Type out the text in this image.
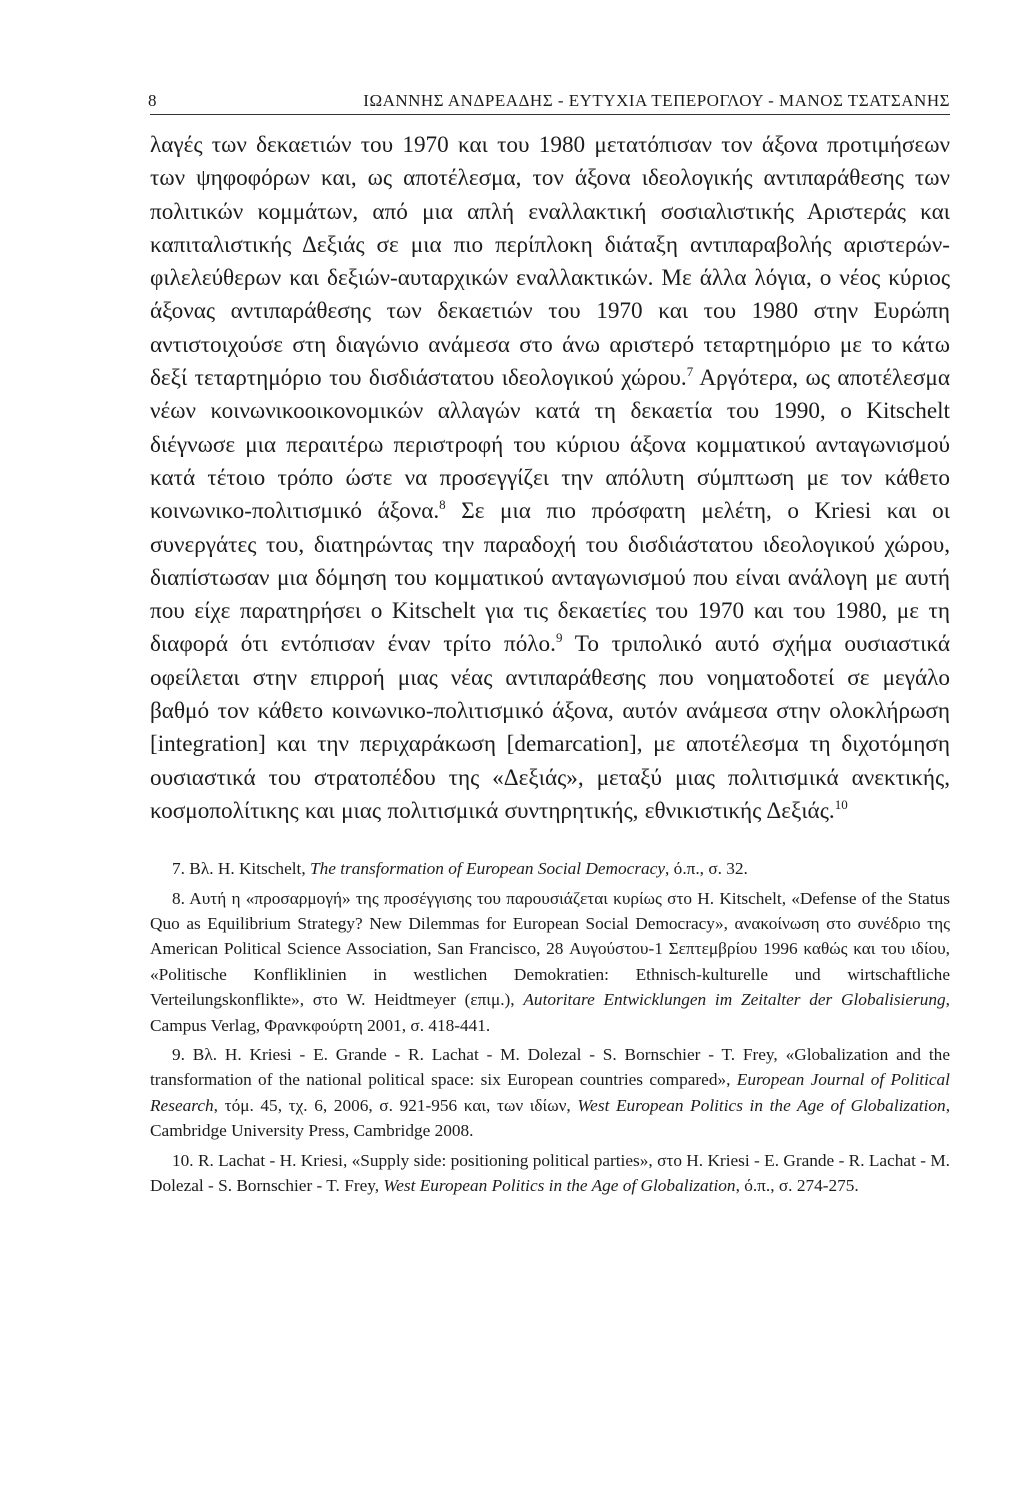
8	ΙΩΑΝΝΗΣ ΑΝΔΡΕΑΔΗΣ - ΕΥΤΥΧΙΑ ΤΕΠΕΡΟΓΛΟΥ - ΜΑΝΟΣ ΤΣΑΤΣΑΝΗΣ

λαγές των δεκαετιών του 1970 και του 1980 μετατόπισαν τον άξονα προτιμήσεων των ψηφοφόρων και, ως αποτέλεσμα, τον άξονα ιδεολογικής αντιπαράθεσης των πολιτικών κομμάτων, από μια απλή εναλλακτική σοσιαλιστικής Αριστεράς και καπιταλιστικής Δεξιάς σε μια πιο περίπλοκη διάταξη αντιπαραβολής αριστερών-φιλελεύθερων και δεξιών-αυταρχικών εναλλακτικών. Με άλλα λόγια, ο νέος κύριος άξονας αντιπαράθεσης των δεκαετιών του 1970 και του 1980 στην Ευρώπη αντιστοιχούσε στη διαγώνιο ανάμεσα στο άνω αριστερό τεταρτημόριο με το κάτω δεξί τεταρτημόριο του δισδιάστατου ιδεολογικού χώρου.$^7$ Αργότερα, ως αποτέλεσμα νέων κοινωνικοοικονομικών αλλαγών κατά τη δεκαετία του 1990, ο Kitschelt διέγνωσε μια περαιτέρω περιστροφή του κύριου άξονα κομματικού ανταγωνισμού κατά τέτοιο τρόπο ώστε να προσεγγίζει την απόλυτη σύμπτωση με τον κάθετο κοινωνικο-πολιτισμικό άξονα.$^8$ Σε μια πιο πρόσφατη μελέτη, ο Kriesi και οι συνεργάτες του, διατηρώντας την παραδοχή του δισδιάστατου ιδεολογικού χώρου, διαπίστωσαν μια δόμηση του κομματικού ανταγωνισμού που είναι ανάλογη με αυτή που είχε παρατηρήσει ο Kitschelt για τις δεκαετίες του 1970 και του 1980, με τη διαφορά ότι εντόπισαν έναν τρίτο πόλο.$^9$ Το τριπολικό αυτό σχήμα ουσιαστικά οφείλεται στην επιρροή μιας νέας αντιπαράθεσης που νοηματοδοτεί σε μεγάλο βαθμό τον κάθετο κοινωνικο-πολιτισμικό άξονα, αυτόν ανάμεσα στην ολοκλήρωση [integration] και την περιχαράκωση [demarcation], με αποτέλεσμα τη διχοτόμηση ουσιαστικά του στρατοπέδου της «Δεξιάς», μεταξύ μιας πολιτισμικά ανεκτικής, κοσμοπολίτικης και μιας πολιτισμικά συντηρητικής, εθνικιστικής Δεξιάς.$^{10}$

7. Βλ. H. Kitschelt, The transformation of European Social Democracy, ό.π., σ. 32.

8. Αυτή η «προσαρμογή» της προσέγγισης του παρουσιάζεται κυρίως στο H. Kitschelt, «Defense of the Status Quo as Equilibrium Strategy? New Dilemmas for European Social Democracy», ανακοίνωση στο συνέδριο της American Political Science Association, San Francisco, 28 Αυγούστου-1 Σεπτεμβρίου 1996 καθώς και του ιδίου, «Politische Konfliklinien in westlichen Demokratien: Ethnisch-kulturelle und wirtschaftliche Verteilungskonflikte», στο W. Heidtmeyer (επιμ.), Autoritare Entwicklungen im Zeitalter der Globalisierung, Campus Verlag, Φρανκφούρτη 2001, σ. 418-441.

9. Βλ. H. Kriesi - E. Grande - R. Lachat - M. Dolezal - S. Bornschier - T. Frey, «Globalization and the transformation of the national political space: six European countries compared», European Journal of Political Research, τόμ. 45, τχ. 6, 2006, σ. 921-956 και, των ιδίων, West European Politics in the Age of Globalization, Cambridge University Press, Cambridge 2008.

10. R. Lachat - H. Kriesi, «Supply side: positioning political parties», στο H. Kriesi - E. Grande - R. Lachat - M. Dolezal - S. Bornschier - T. Frey, West European Politics in the Age of Globalization, ό.π., σ. 274-275.
